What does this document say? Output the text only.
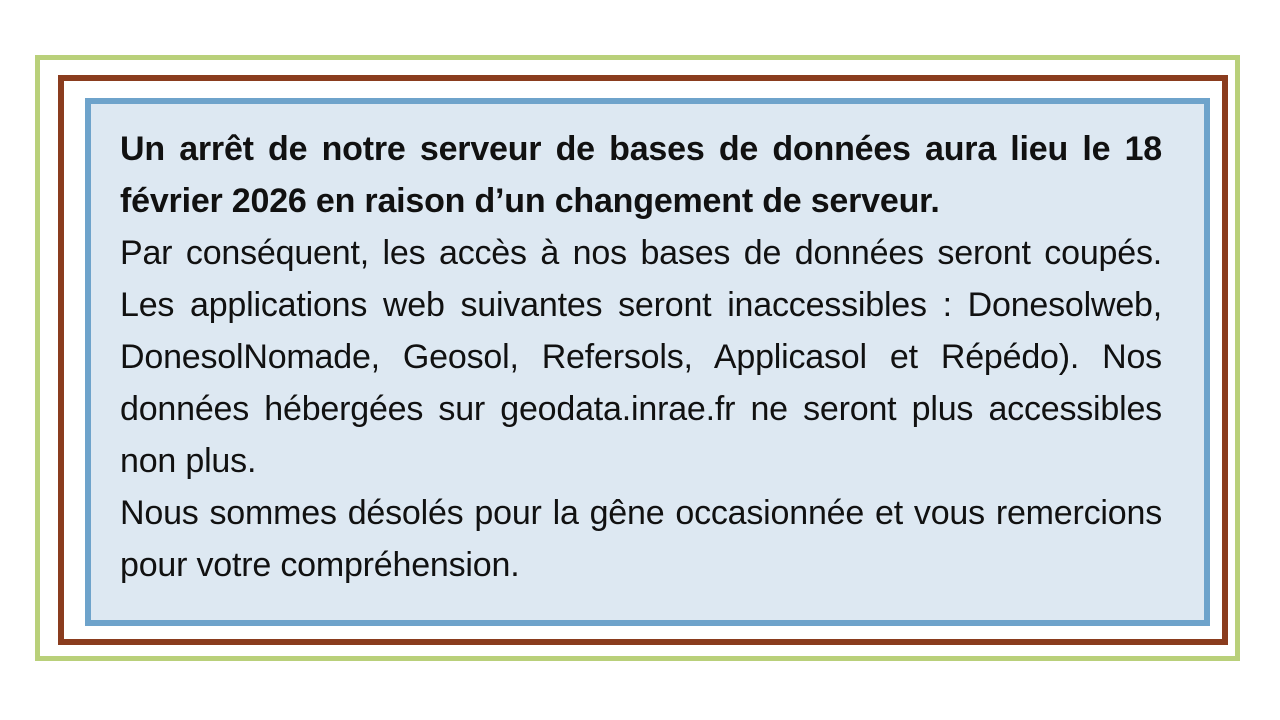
Un arrêt de notre serveur de bases de données aura lieu le 18 février 2026 en raison d’un changement de serveur.

Par conséquent, les accès à nos bases de données seront coupés. Les applications web suivantes seront inaccessibles : Donesolweb, DonesolNomade, Geosol, Refersols, Applicasol et Répédo). Nos données hébergées sur geodata.inrae.fr ne seront plus accessibles non plus.

Nous sommes désolés pour la gêne occasionnée et vous remercions pour votre compréhension.
